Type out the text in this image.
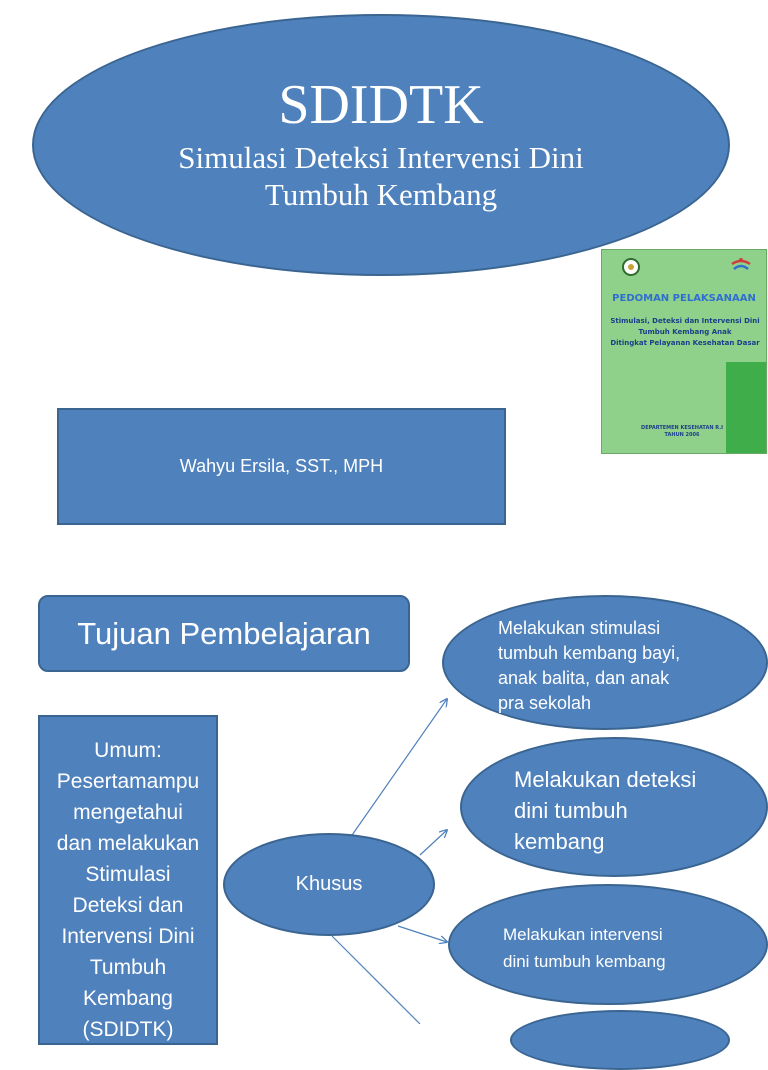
SDIDTK
Simulasi Deteksi Intervensi Dini
Tumbuh Kembang
PEDOMAN PELAKSANAAN
Stimulasi, Deteksi dan Intervensi Dini
Tumbuh Kembang Anak
Ditingkat Pelayanan Kesehatan Dasar
DEPARTEMEN KESEHATAN R.I
TAHUN 2006
Wahyu Ersila, SST., MPH
Tujuan Pembelajaran
Umum:
Pesertamampu
mengetahui
dan melakukan
Stimulasi
Deteksi dan
Intervensi Dini
Tumbuh
Kembang
(SDIDTK)
Khusus
Melakukan stimulasi
tumbuh kembang bayi,
anak balita, dan anak
pra sekolah
Melakukan deteksi
dini tumbuh
kembang
Melakukan intervensi
dini tumbuh kembang
